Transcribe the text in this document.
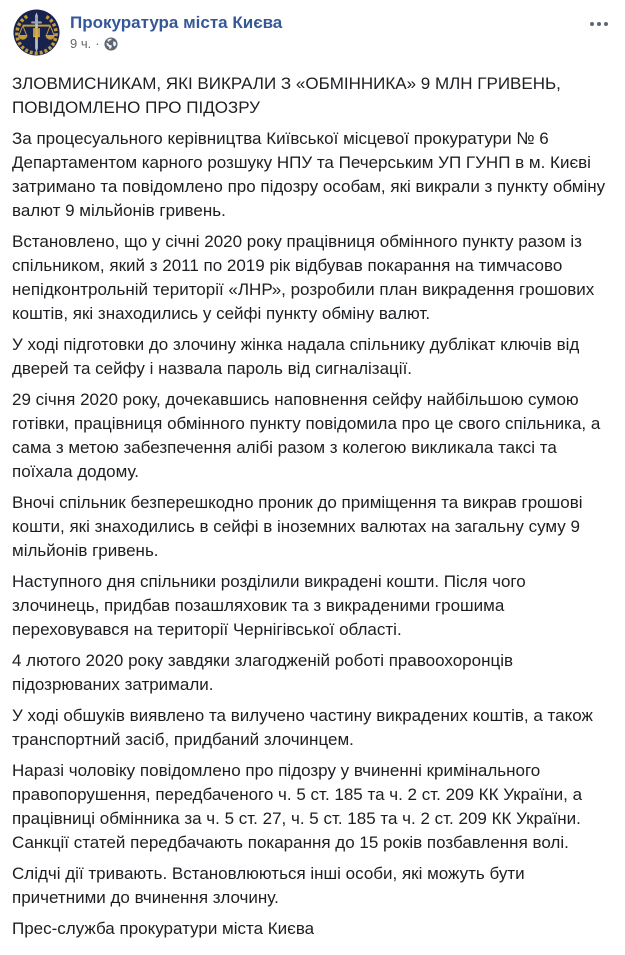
Прокуратура міста Києва
9 ч. ·

ЗЛОВМИСНИКАМ, ЯКІ ВИКРАЛИ З «ОБМІННИКА» 9 МЛН ГРИВЕНЬ, ПОВІДОМЛЕНО ПРО ПІДОЗРУ

За процесуального керівництва Київської місцевої прокуратури № 6 Департаментом карного розшуку НПУ та Печерським УП ГУНП в м. Києві затримано та повідомлено про підозру особам, які викрали з пункту обміну валют 9 мільйонів гривень.

Встановлено, що у січні 2020 року працівниця обмінного пункту разом із спільником, який з 2011 по 2019 рік відбував покарання на тимчасово непідконтрольній території «ЛНР», розробили план викрадення грошових коштів, які знаходились у сейфі пункту обміну валют.

У ході підготовки до злочину жінка надала спільнику дублікат ключів від дверей та сейфу і назвала пароль від сигналізації.

29 січня 2020 року, дочекавшись наповнення сейфу найбільшою сумою готівки, працівниця обмінного пункту повідомила про це свого спільника, а сама з метою забезпечення алібі разом з колегою викликала таксі та поїхала додому.

Вночі спільник безперешкодно проник до приміщення та викрав грошові кошти, які знаходились в сейфі в іноземних валютах на загальну суму 9 мільйонів гривень.

Наступного дня спільники розділили викрадені кошти. Після чого злочинець, придбав позашляховик та з викраденими грошима переховувався на території Чернігівської області.

4 лютого 2020 року завдяки злагодженій роботі правоохоронців підозрюваних затримали.

У ході обшуків виявлено та вилучено частину викрадених коштів, а також транспортний засіб, придбаний злочинцем.

Наразі чоловіку повідомлено про підозру у вчиненні кримінального правопорушення, передбаченого ч. 5 ст. 185 та ч. 2 ст. 209 КК України, а працівниці обмінника за ч. 5 ст. 27, ч. 5 ст. 185 та ч. 2 ст. 209 КК України. Санкції статей передбачають покарання до 15 років позбавлення волі.

Слідчі дії тривають. Встановлюються інші особи, які можуть бути причетними до вчинення злочину.

Прес-служба прокуратури міста Києва
